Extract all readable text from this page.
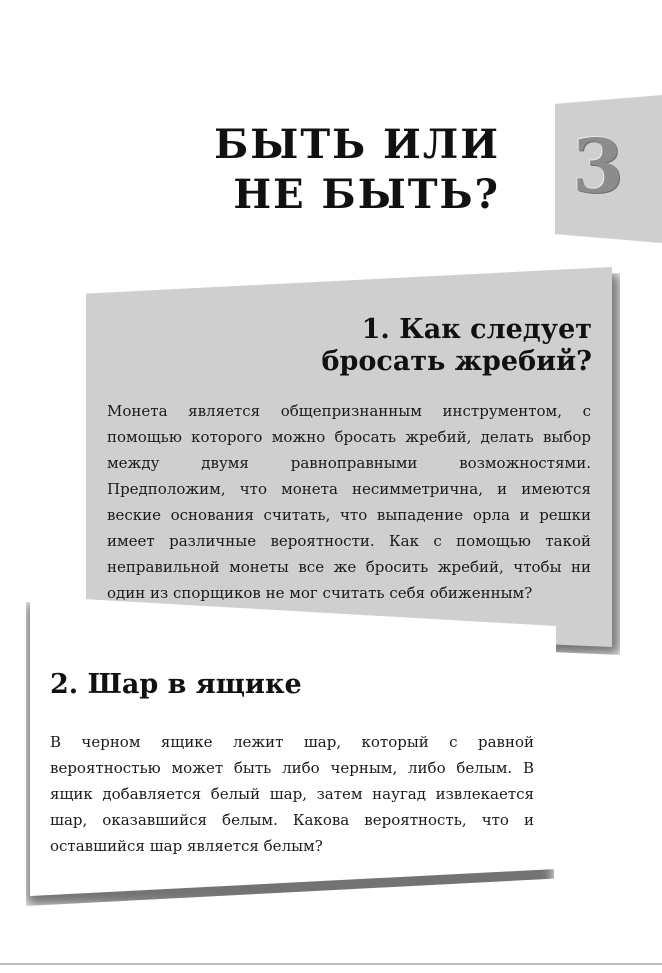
3
БЫТЬ ИЛИ
НЕ БЫТЬ?
1. Как следует
бросать жребий?
Монета является общепризнанным инструментом, с помощью которого можно бросать жребий, делать выбор между двумя равноправными возможностями. Предположим, что монета несимметрична, и имеются веские основания считать, что выпадение орла и решки имеет различные вероятности. Как с помощью такой неправильной монеты все же бросить жребий, чтобы ни один из спорщиков не мог считать себя обиженным?
2. Шар в ящике
В черном ящике лежит шар, который с равной вероятностью может быть либо черным, либо белым. В ящик добавляется белый шар, затем наугад извлекается шар, оказавшийся белым. Какова вероятность, что и оставшийся шар является белым?
